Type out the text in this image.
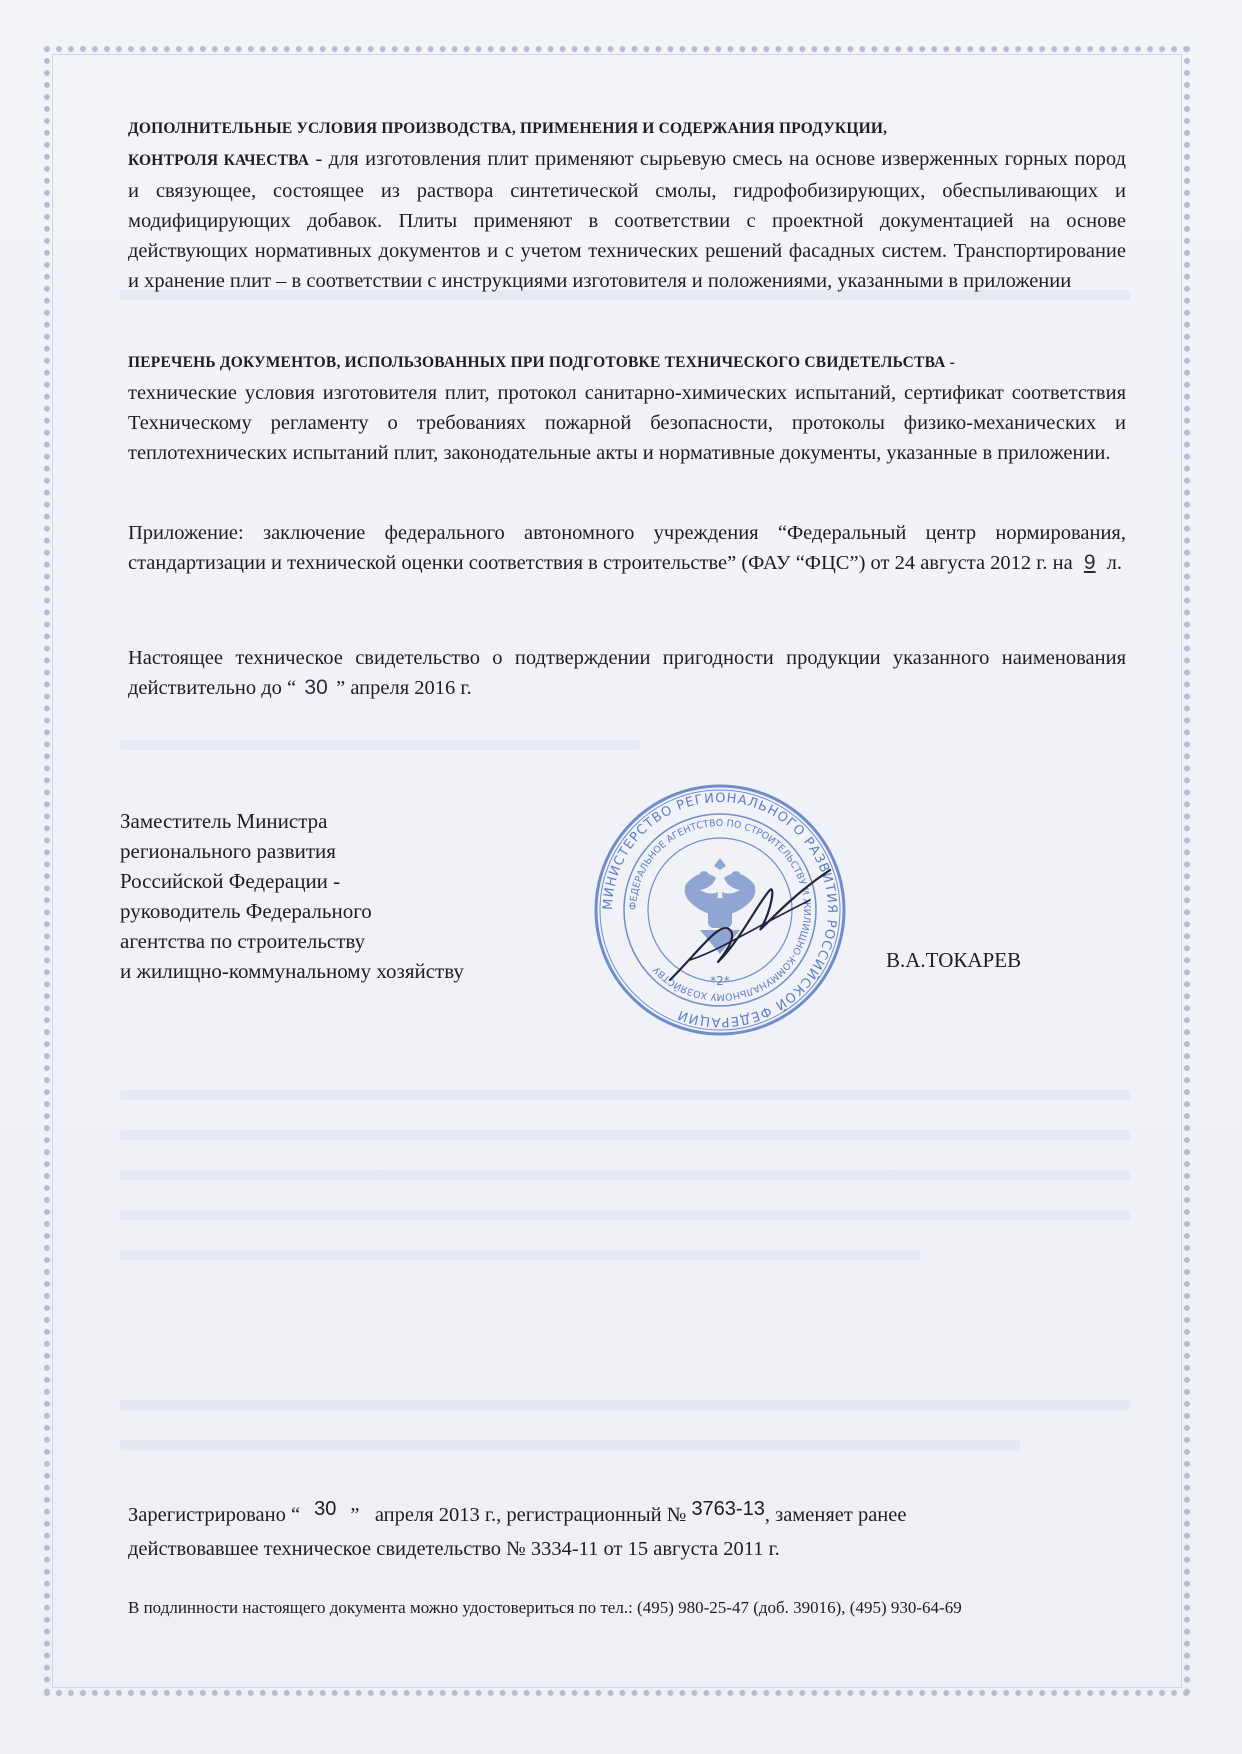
ДОПОЛНИТЕЛЬНЫЕ УСЛОВИЯ ПРОИЗВОДСТВА, ПРИМЕНЕНИЯ И СОДЕРЖАНИЯ ПРОДУКЦИИ,
КОНТРОЛЯ КАЧЕСТВА - для изготовления плит применяют сырьевую смесь на основе изверженных горных пород и связующее, состоящее из раствора синтетической смолы, гидрофобизирующих, обеспыливающих и модифицирующих добавок. Плиты применяют в соответствии с проектной документацией на основе действующих нормативных документов и с учетом технических решений фасадных систем. Транспортирование и хранение плит – в соответствии с инструкциями изготовителя и положениями, указанными в приложении

ПЕРЕЧЕНЬ ДОКУМЕНТОВ, ИСПОЛЬЗОВАННЫХ ПРИ ПОДГОТОВКЕ ТЕХНИЧЕСКОГО СВИДЕТЕЛЬСТВА -
технические условия изготовителя плит, протокол санитарно-химических испытаний, сертификат соответствия Техническому регламенту о требованиях пожарной безопасности, протоколы физико-механических и теплотехнических испытаний плит, законодательные акты и нормативные документы, указанные в приложении.

Приложение: заключение федерального автономного учреждения “Федеральный центр нормирования, стандартизации и технической оценки соответствия в строительстве” (ФАУ “ФЦС”) от 24 августа 2012 г. на 9 л.

Настоящее техническое свидетельство о подтверждении пригодности продукции указанного наименования действительно до “ 30 ” апреля 2016 г.

Заместитель Министра
регионального развития
Российской Федерации -
руководитель Федерального
агентства по строительству
и жилищно-коммунальному хозяйству
МИНИСТЕРСТВО РЕГИОНАЛЬНОГО РАЗВИТИЯ РОССИЙСКОЙ ФЕДЕРАЦИИ
ФЕДЕРАЛЬНОЕ АГЕНТСТВО ПО СТРОИТЕЛЬСТВУ И ЖИЛИЩНО-КОММУНАЛЬНОМУ ХОЗЯЙСТВУ
*2*
В.А.ТОКАРЕВ
Зарегистрировано “ 30 ” апреля 2013 г., регистрационный № 3763-13, заменяет ранее
действовавшее техническое свидетельство № 3334-11 от 15 августа 2011 г.
В подлинности настоящего документа можно удостовериться по тел.: (495) 980-25-47 (доб. 39016), (495) 930-64-69
